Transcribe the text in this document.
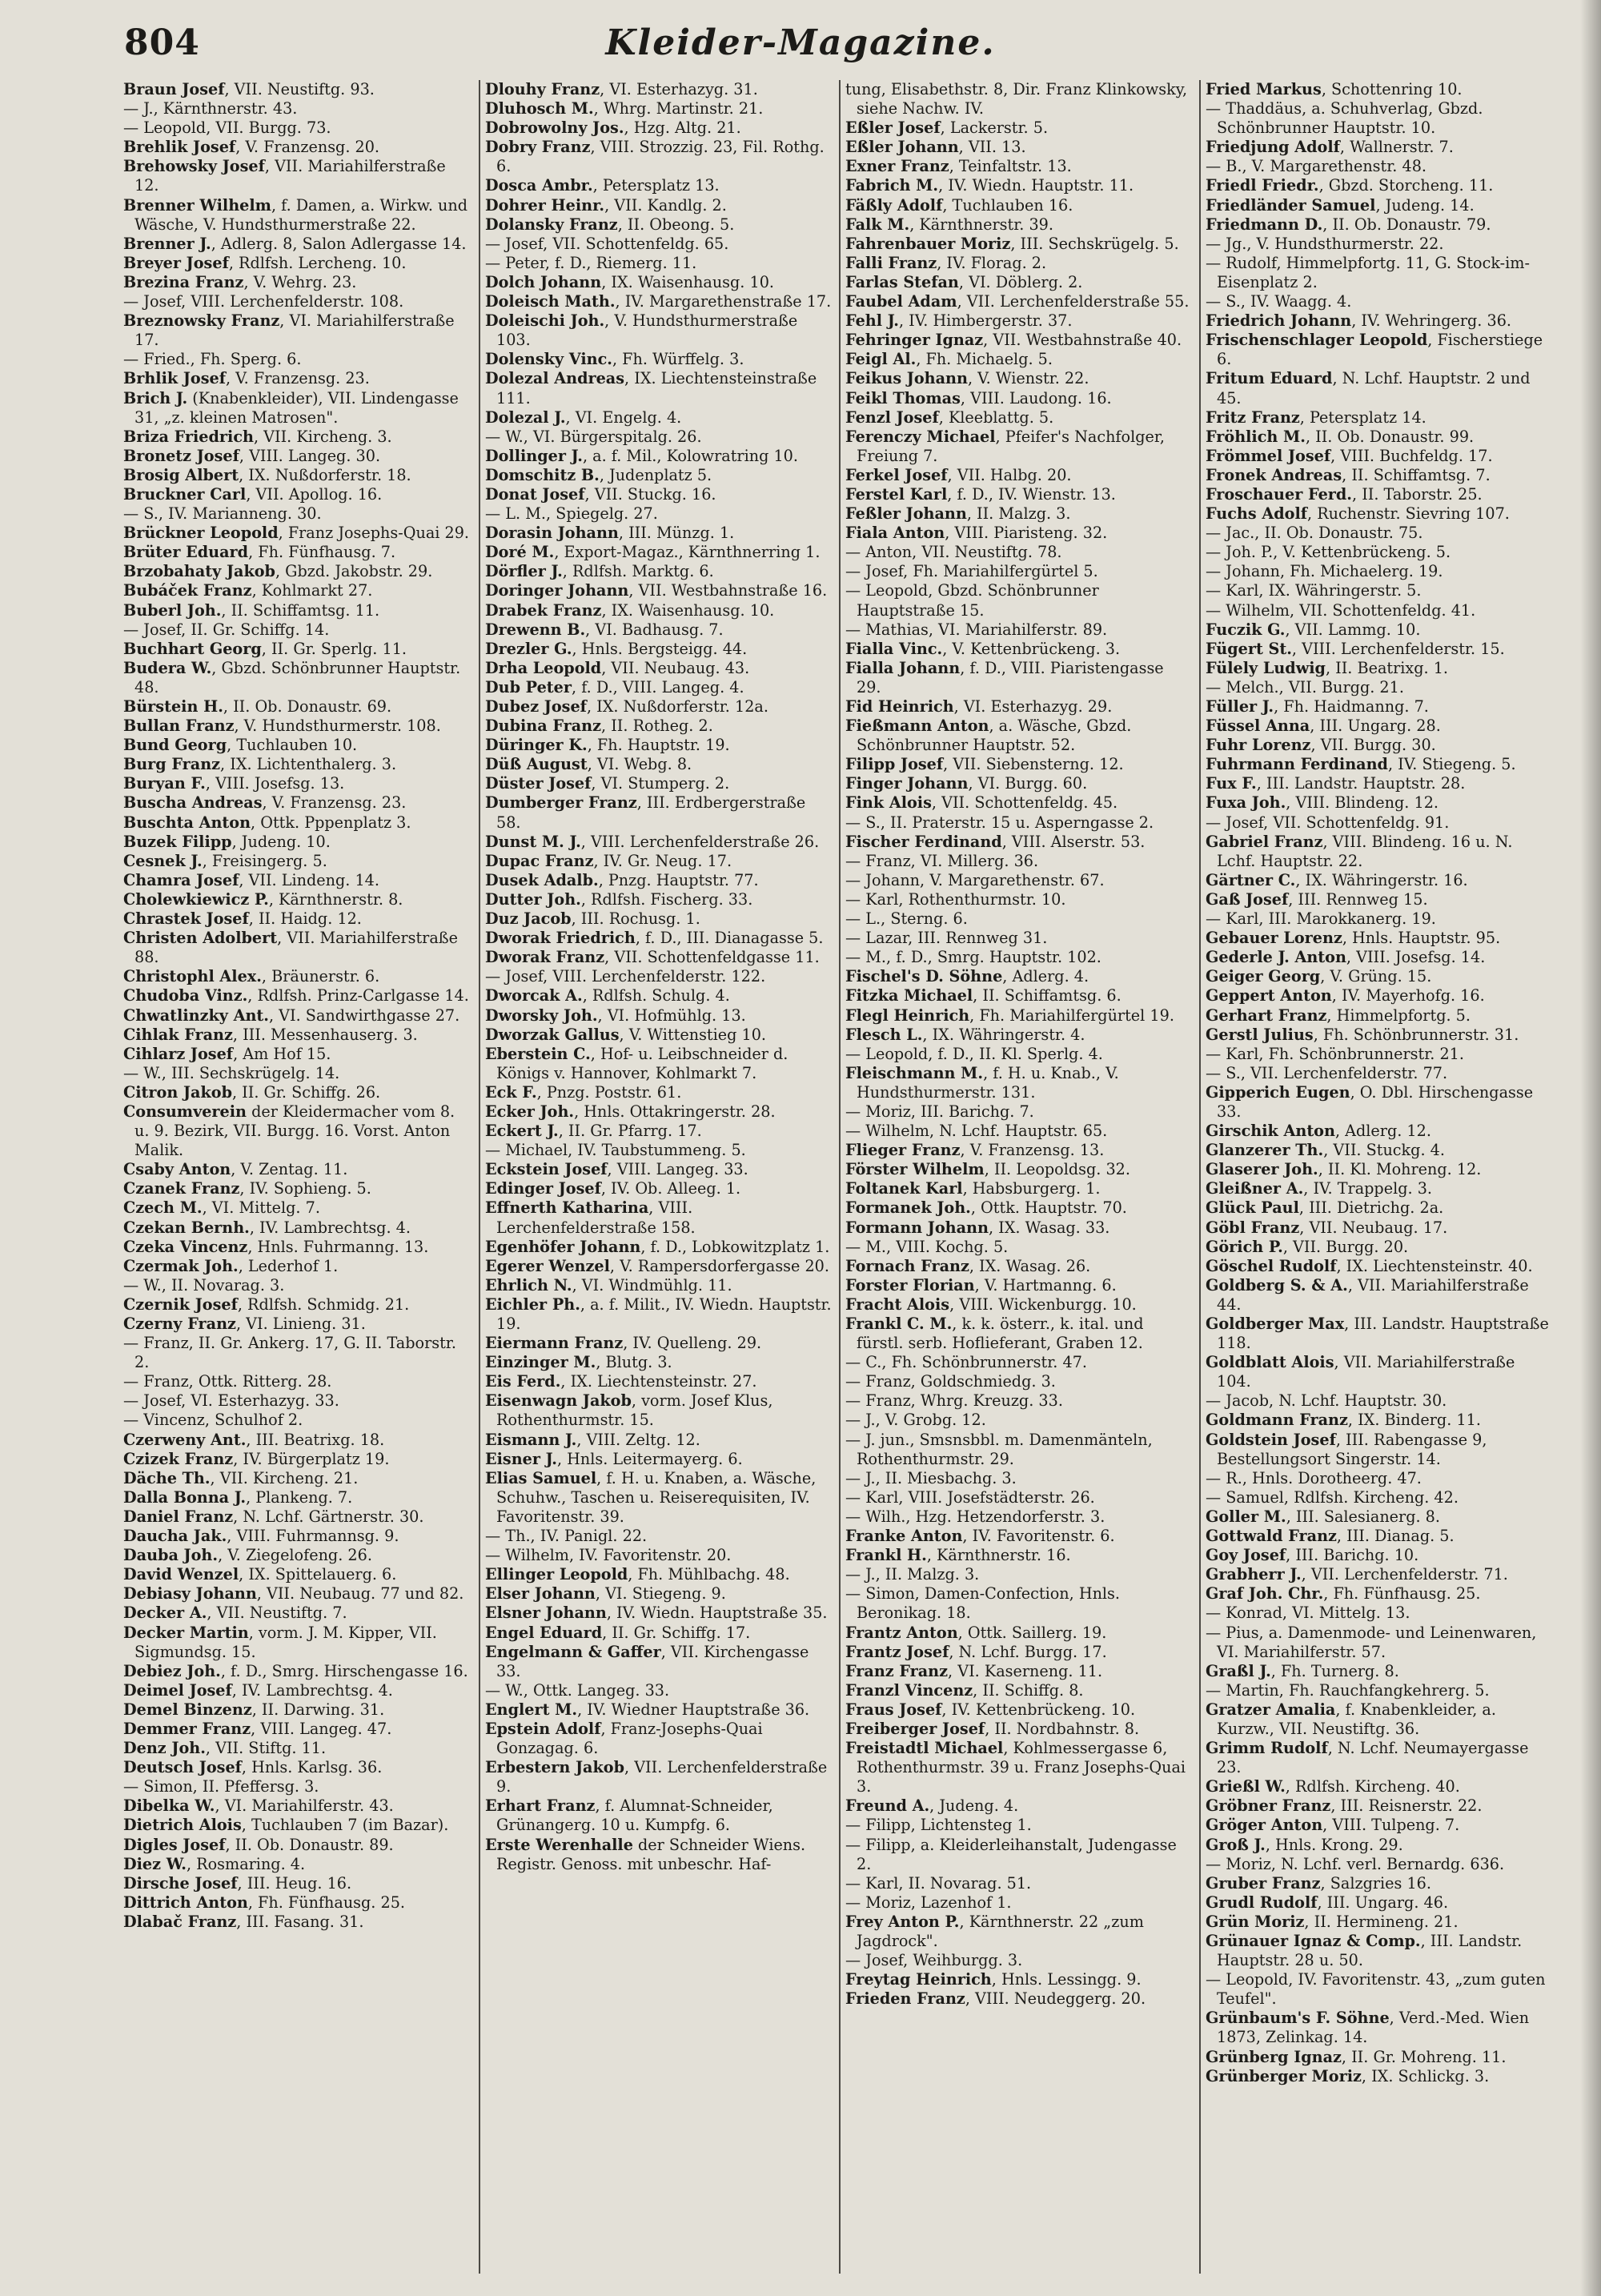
804	Kleider-Magazine.

Braun Josef, VII. Neustiftg. 93.

— J., Kärnthnerstr. 43.

— Leopold, VII. Burgg. 73.

Brehlik Josef, V. Franzensg. 20.

Brehowsky Josef, VII. Mariahilferstraße 12.

Brenner Wilhelm, f. Damen, a. Wirkw. und Wäsche, V. Hundsthurmerstraße 22.

Brenner J., Adlerg. 8, Salon Adlergasse 14.

Breyer Josef, Rdlfsh. Lercheng. 10.

Brezina Franz, V. Wehrg. 23.

— Josef, VIII. Lerchenfelderstr. 108.

Breznowsky Franz, VI. Mariahilferstraße 17.

— Fried., Fh. Sperg. 6.

Brhlik Josef, V. Franzensg. 23.

Brich J. (Knabenkleider), VII. Lindengasse 31, „z. kleinen Matrosen".

Briza Friedrich, VII. Kircheng. 3.

Bronetz Josef, VIII. Langeg. 30.

Brosig Albert, IX. Nußdorferstr. 18.

Bruckner Carl, VII. Apollog. 16.

— S., IV. Marianneng. 30.

Brückner Leopold, Franz Josephs-Quai 29.

Brüter Eduard, Fh. Fünfhausg. 7.

Brzobahaty Jakob, Gbzd. Jakobstr. 29.

Bubáček Franz, Kohlmarkt 27.

Buberl Joh., II. Schiffamtsg. 11.

— Josef, II. Gr. Schiffg. 14.

Buchhart Georg, II. Gr. Sperlg. 11.

Budera W., Gbzd. Schönbrunner Hauptstr. 48.

Bürstein H., II. Ob. Donaustr. 69.

Bullan Franz, V. Hundsthurmerstr. 108.

Bund Georg, Tuchlauben 10.

Burg Franz, IX. Lichtenthalerg. 3.

Buryan F., VIII. Josefsg. 13.

Buscha Andreas, V. Franzensg. 23.

Buschta Anton, Ottk. Pppenplatz 3.

Buzek Filipp, Judeng. 10.

Cesnek J., Freisingerg. 5.

Chamra Josef, VII. Lindeng. 14.

Cholewkiewicz P., Kärnthnerstr. 8.

Chrastek Josef, II. Haidg. 12.

Christen Adolbert, VII. Mariahilferstraße 88.

Christophl Alex., Bräunerstr. 6.

Chudoba Vinz., Rdlfsh. Prinz-Carlgasse 14.

Chwatlinzky Ant., VI. Sandwirthgasse 27.

Cihlak Franz, III. Messenhauserg. 3.

Cihlarz Josef, Am Hof 15.

— W., III. Sechskrügelg. 14.

Citron Jakob, II. Gr. Schiffg. 26.

Consumverein der Kleidermacher vom 8. u. 9. Bezirk, VII. Burgg. 16. Vorst. Anton Malik.

Csaby Anton, V. Zentag. 11.

Czanek Franz, IV. Sophieng. 5.

Czech M., VI. Mittelg. 7.

Czekan Bernh., IV. Lambrechtsg. 4.

Czeka Vincenz, Hnls. Fuhrmanng. 13.

Czermak Joh., Lederhof 1.

— W., II. Novarag. 3.

Czernik Josef, Rdlfsh. Schmidg. 21.

Czerny Franz, VI. Linieng. 31.

— Franz, II. Gr. Ankerg. 17, G. II. Taborstr. 2.

— Franz, Ottk. Ritterg. 28.

— Josef, VI. Esterhazyg. 33.

— Vincenz, Schulhof 2.

Czerweny Ant., III. Beatrixg. 18.

Czizek Franz, IV. Bürgerplatz 19.

Däche Th., VII. Kircheng. 21.

Dalla Bonna J., Plankeng. 7.

Daniel Franz, N. Lchf. Gärtnerstr. 30.

Daucha Jak., VIII. Fuhrmannsg. 9.

Dauba Joh., V. Ziegelofeng. 26.

David Wenzel, IX. Spittelauerg. 6.

Debiasy Johann, VII. Neubaug. 77 und 82.

Decker A., VII. Neustiftg. 7.

Decker Martin, vorm. J. M. Kipper, VII. Sigmundsg. 15.

Debiez Joh., f. D., Smrg. Hirschengasse 16.

Deimel Josef, IV. Lambrechtsg. 4.

Demel Binzenz, II. Darwing. 31.

Demmer Franz, VIII. Langeg. 47.

Denz Joh., VII. Stiftg. 11.

Deutsch Josef, Hnls. Karlsg. 36.

— Simon, II. Pfeffersg. 3.

Dibelka W., VI. Mariahilferstr. 43.

Dietrich Alois, Tuchlauben 7 (im Bazar).

Digles Josef, II. Ob. Donaustr. 89.

Diez W., Rosmaring. 4.

Dirsche Josef, III. Heug. 16.

Dittrich Anton, Fh. Fünfhausg. 25.

Dlabač Franz, III. Fasang. 31.

Dlouhy Franz, VI. Esterhazyg. 31.

Dluhosch M., Whrg. Martinstr. 21.

Dobrowolny Jos., Hzg. Altg. 21.

Dobry Franz, VIII. Strozzig. 23, Fil. Rothg. 6.

Dosca Ambr., Petersplatz 13.

Dohrer Heinr., VII. Kandlg. 2.

Dolansky Franz, II. Obeong. 5.

— Josef, VII. Schottenfeldg. 65.

— Peter, f. D., Riemerg. 11.

Dolch Johann, IX. Waisenhausg. 10.

Doleisch Math., IV. Margarethenstraße 17.

Doleischi Joh., V. Hundsthurmerstraße 103.

Dolensky Vinc., Fh. Würffelg. 3.

Dolezal Andreas, IX. Liechtensteinstraße 111.

Dolezal J., VI. Engelg. 4.

— W., VI. Bürgerspitalg. 26.

Dollinger J., a. f. Mil., Kolowratring 10.

Domschitz B., Judenplatz 5.

Donat Josef, VII. Stuckg. 16.

— L. M., Spiegelg. 27.

Dorasin Johann, III. Münzg. 1.

Doré M., Export-Magaz., Kärnthnerring 1.

Dörfler J., Rdlfsh. Marktg. 6.

Doringer Johann, VII. Westbahnstraße 16.

Drabek Franz, IX. Waisenhausg. 10.

Drewenn B., VI. Badhausg. 7.

Drezler G., Hnls. Bergsteigg. 44.

Drha Leopold, VII. Neubaug. 43.

Dub Peter, f. D., VIII. Langeg. 4.

Dubez Josef, IX. Nußdorferstr. 12a.

Dubina Franz, II. Rotheg. 2.

Düringer K., Fh. Hauptstr. 19.

Düß August, VI. Webg. 8.

Düster Josef, VI. Stumperg. 2.

Dumberger Franz, III. Erdbergerstraße 58.

Dunst M. J., VIII. Lerchenfelderstraße 26.

Dupac Franz, IV. Gr. Neug. 17.

Dusek Adalb., Pnzg. Hauptstr. 77.

Dutter Joh., Rdlfsh. Fischerg. 33.

Duz Jacob, III. Rochusg. 1.

Dworak Friedrich, f. D., III. Dianagasse 5.

Dworak Franz, VII. Schottenfeldgasse 11.

— Josef, VIII. Lerchenfelderstr. 122.

Dworcak A., Rdlfsh. Schulg. 4.

Dworsky Joh., VI. Hofmühlg. 13.

Dworzak Gallus, V. Wittenstieg 10.

Eberstein C., Hof- u. Leibschneider d. Königs v. Hannover, Kohlmarkt 7.

Eck F., Pnzg. Poststr. 61.

Ecker Joh., Hnls. Ottakringerstr. 28.

Eckert J., II. Gr. Pfarrg. 17.

— Michael, IV. Taubstummeng. 5.

Eckstein Josef, VIII. Langeg. 33.

Edinger Josef, IV. Ob. Alleeg. 1.

Effnerth Katharina, VIII. Lerchenfelderstraße 158.

Egenhöfer Johann, f. D., Lobkowitzplatz 1.

Egerer Wenzel, V. Rampersdorfergasse 20.

Ehrlich N., VI. Windmühlg. 11.

Eichler Ph., a. f. Milit., IV. Wiedn. Hauptstr. 19.

Eiermann Franz, IV. Quelleng. 29.

Einzinger M., Blutg. 3.

Eis Ferd., IX. Liechtensteinstr. 27.

Eisenwagn Jakob, vorm. Josef Klus, Rothenthurmstr. 15.

Eismann J., VIII. Zeltg. 12.

Eisner J., Hnls. Leitermayerg. 6.

Elias Samuel, f. H. u. Knaben, a. Wäsche, Schuhw., Taschen u. Reiserequisiten, IV. Favoritenstr. 39.

— Th., IV. Panigl. 22.

— Wilhelm, IV. Favoritenstr. 20.

Ellinger Leopold, Fh. Mühlbachg. 48.

Elser Johann, VI. Stiegeng. 9.

Elsner Johann, IV. Wiedn. Hauptstraße 35.

Engel Eduard, II. Gr. Schiffg. 17.

Engelmann & Gaffer, VII. Kirchengasse 33.

— W., Ottk. Langeg. 33.

Englert M., IV. Wiedner Hauptstraße 36.

Epstein Adolf, Franz-Josephs-Quai Gonzagag. 6.

Erbestern Jakob, VII. Lerchenfelderstraße 9.

Erhart Franz, f. Alumnat-Schneider, Grünangerg. 10 u. Kumpfg. 6.

Erste Werenhalle der Schneider Wiens. Registr. Genoss. mit unbeschr. Haf-

tung, Elisabethstr. 8, Dir. Franz Klinkowsky, siehe Nachw. IV.

Eßler Josef, Lackerstr. 5.

Eßler Johann, VII. 13.

Exner Franz, Teinfaltstr. 13.

Fabrich M., IV. Wiedn. Hauptstr. 11.

Fäßly Adolf, Tuchlauben 16.

Falk M., Kärnthnerstr. 39.

Fahrenbauer Moriz, III. Sechskrügelg. 5.

Falli Franz, IV. Florag. 2.

Farlas Stefan, VI. Döblerg. 2.

Faubel Adam, VII. Lerchenfelderstraße 55.

Fehl J., IV. Himbergerstr. 37.

Fehringer Ignaz, VII. Westbahnstraße 40.

Feigl Al., Fh. Michaelg. 5.

Feikus Johann, V. Wienstr. 22.

Feikl Thomas, VIII. Laudong. 16.

Fenzl Josef, Kleeblattg. 5.

Ferenczy Michael, Pfeifer's Nachfolger, Freiung 7.

Ferkel Josef, VII. Halbg. 20.

Ferstel Karl, f. D., IV. Wienstr. 13.

Feßler Johann, II. Malzg. 3.

Fiala Anton, VIII. Piaristeng. 32.

— Anton, VII. Neustiftg. 78.

— Josef, Fh. Mariahilfergürtel 5.

— Leopold, Gbzd. Schönbrunner Hauptstraße 15.

— Mathias, VI. Mariahilferstr. 89.

Fialla Vinc., V. Kettenbrückeng. 3.

Fialla Johann, f. D., VIII. Piaristengasse 29.

Fid Heinrich, VI. Esterhazyg. 29.

Fießmann Anton, a. Wäsche, Gbzd. Schönbrunner Hauptstr. 52.

Filipp Josef, VII. Siebensterng. 12.

Finger Johann, VI. Burgg. 60.

Fink Alois, VII. Schottenfeldg. 45.

— S., II. Praterstr. 15 u. Asperngasse 2.

Fischer Ferdinand, VIII. Alserstr. 53.

— Franz, VI. Millerg. 36.

— Johann, V. Margarethenstr. 67.

— Karl, Rothenthurmstr. 10.

— L., Sterng. 6.

— Lazar, III. Rennweg 31.

— M., f. D., Smrg. Hauptstr. 102.

Fischel's D. Söhne, Adlerg. 4.

Fitzka Michael, II. Schiffamtsg. 6.

Flegl Heinrich, Fh. Mariahilfergürtel 19.

Flesch L., IX. Währingerstr. 4.

— Leopold, f. D., II. Kl. Sperlg. 4.

Fleischmann M., f. H. u. Knab., V. Hundsthurmerstr. 131.

— Moriz, III. Barichg. 7.

— Wilhelm, N. Lchf. Hauptstr. 65.

Flieger Franz, V. Franzensg. 13.

Förster Wilhelm, II. Leopoldsg. 32.

Foltanek Karl, Habsburgerg. 1.

Formanek Joh., Ottk. Hauptstr. 70.

Formann Johann, IX. Wasag. 33.

— M., VIII. Kochg. 5.

Fornach Franz, IX. Wasag. 26.

Forster Florian, V. Hartmanng. 6.

Fracht Alois, VIII. Wickenburgg. 10.

Frankl C. M., k. k. österr., k. ital. und fürstl. serb. Hoflieferant, Graben 12.

— C., Fh. Schönbrunnerstr. 47.

— Franz, Goldschmiedg. 3.

— Franz, Whrg. Kreuzg. 33.

— J., V. Grobg. 12.

— J. jun., Smsnsbbl. m. Damenmänteln, Rothenthurmstr. 29.

— J., II. Miesbachg. 3.

— Karl, VIII. Josefstädterstr. 26.

— Wilh., Hzg. Hetzendorferstr. 3.

Franke Anton, IV. Favoritenstr. 6.

Frankl H., Kärnthnerstr. 16.

— J., II. Malzg. 3.

— Simon, Damen-Confection, Hnls. Beronikag. 18.

Frantz Anton, Ottk. Saillerg. 19.

Frantz Josef, N. Lchf. Burgg. 17.

Franz Franz, VI. Kaserneng. 11.

Franzl Vincenz, II. Schiffg. 8.

Fraus Josef, IV. Kettenbrückeng. 10.

Freiberger Josef, II. Nordbahnstr. 8.

Freistadtl Michael, Kohlmessergasse 6, Rothenthurmstr. 39 u. Franz Josephs-Quai 3.

Freund A., Judeng. 4.

— Filipp, Lichtensteg 1.

— Filipp, a. Kleiderleihanstalt, Judengasse 2.

— Karl, II. Novarag. 51.

— Moriz, Lazenhof 1.

Frey Anton P., Kärnthnerstr. 22 „zum Jagdrock".

— Josef, Weihburgg. 3.

Freytag Heinrich, Hnls. Lessingg. 9.

Frieden Franz, VIII. Neudeggerg. 20.

Fried Markus, Schottenring 10.

— Thaddäus, a. Schuhverlag, Gbzd. Schönbrunner Hauptstr. 10.

Friedjung Adolf, Wallnerstr. 7.

— B., V. Margarethenstr. 48.

Friedl Friedr., Gbzd. Storcheng. 11.

Friedländer Samuel, Judeng. 14.

Friedmann D., II. Ob. Donaustr. 79.

— Jg., V. Hundsthurmerstr. 22.

— Rudolf, Himmelpfortg. 11, G. Stock-im-Eisenplatz 2.

— S., IV. Waagg. 4.

Friedrich Johann, IV. Wehringerg. 36.

Frischenschlager Leopold, Fischerstiege 6.

Fritum Eduard, N. Lchf. Hauptstr. 2 und 45.

Fritz Franz, Petersplatz 14.

Fröhlich M., II. Ob. Donaustr. 99.

Frömmel Josef, VIII. Buchfeldg. 17.

Fronek Andreas, II. Schiffamtsg. 7.

Froschauer Ferd., II. Taborstr. 25.

Fuchs Adolf, Ruchenstr. Sievring 107.

— Jac., II. Ob. Donaustr. 75.

— Joh. P., V. Kettenbrückeng. 5.

— Johann, Fh. Michaelerg. 19.

— Karl, IX. Währingerstr. 5.

— Wilhelm, VII. Schottenfeldg. 41.

Fuczik G., VII. Lammg. 10.

Fügert St., VIII. Lerchenfelderstr. 15.

Fülely Ludwig, II. Beatrixg. 1.

— Melch., VII. Burgg. 21.

Füller J., Fh. Haidmanng. 7.

Füssel Anna, III. Ungarg. 28.

Fuhr Lorenz, VII. Burgg. 30.

Fuhrmann Ferdinand, IV. Stiegeng. 5.

Fux F., III. Landstr. Hauptstr. 28.

Fuxa Joh., VIII. Blindeng. 12.

— Josef, VII. Schottenfeldg. 91.

Gabriel Franz, VIII. Blindeng. 16 u. N. Lchf. Hauptstr. 22.

Gärtner C., IX. Währingerstr. 16.

Gaß Josef, III. Rennweg 15.

— Karl, III. Marokkanerg. 19.

Gebauer Lorenz, Hnls. Hauptstr. 95.

Gederle J. Anton, VIII. Josefsg. 14.

Geiger Georg, V. Grüng. 15.

Geppert Anton, IV. Mayerhofg. 16.

Gerhart Franz, Himmelpfortg. 5.

Gerstl Julius, Fh. Schönbrunnerstr. 31.

— Karl, Fh. Schönbrunnerstr. 21.

— S., VII. Lerchenfelderstr. 77.

Gipperich Eugen, O. Dbl. Hirschengasse 33.

Girschik Anton, Adlerg. 12.

Glanzerer Th., VII. Stuckg. 4.

Glaserer Joh., II. Kl. Mohreng. 12.

Gleißner A., IV. Trappelg. 3.

Glück Paul, III. Dietrichg. 2a.

Göbl Franz, VII. Neubaug. 17.

Görich P., VII. Burgg. 20.

Göschel Rudolf, IX. Liechtensteinstr. 40.

Goldberg S. & A., VII. Mariahilferstraße 44.

Goldberger Max, III. Landstr. Hauptstraße 118.

Goldblatt Alois, VII. Mariahilferstraße 104.

— Jacob, N. Lchf. Hauptstr. 30.

Goldmann Franz, IX. Binderg. 11.

Goldstein Josef, III. Rabengasse 9, Bestellungsort Singerstr. 14.

— R., Hnls. Dorotheerg. 47.

— Samuel, Rdlfsh. Kircheng. 42.

Goller M., III. Salesianerg. 8.

Gottwald Franz, III. Dianag. 5.

Goy Josef, III. Barichg. 10.

Grabherr J., VII. Lerchenfelderstr. 71.

Graf Joh. Chr., Fh. Fünfhausg. 25.

— Konrad, VI. Mittelg. 13.

— Pius, a. Damenmode- und Leinenwaren, VI. Mariahilferstr. 57.

Graßl J., Fh. Turnerg. 8.

— Martin, Fh. Rauchfangkehrerg. 5.

Gratzer Amalia, f. Knabenkleider, a. Kurzw., VII. Neustiftg. 36.

Grimm Rudolf, N. Lchf. Neumayergasse 23.

Grießl W., Rdlfsh. Kircheng. 40.

Gröbner Franz, III. Reisnerstr. 22.

Gröger Anton, VIII. Tulpeng. 7.

Groß J., Hnls. Krong. 29.

— Moriz, N. Lchf. verl. Bernardg. 636.

Gruber Franz, Salzgries 16.

Grudl Rudolf, III. Ungarg. 46.

Grün Moriz, II. Hermineng. 21.

Grünauer Ignaz & Comp., III. Landstr. Hauptstr. 28 u. 50.

— Leopold, IV. Favoritenstr. 43, „zum guten Teufel".

Grünbaum's F. Söhne, Verd.-Med. Wien 1873, Zelinkag. 14.

Grünberg Ignaz, II. Gr. Mohreng. 11.

Grünberger Moriz, IX. Schlickg. 3.
